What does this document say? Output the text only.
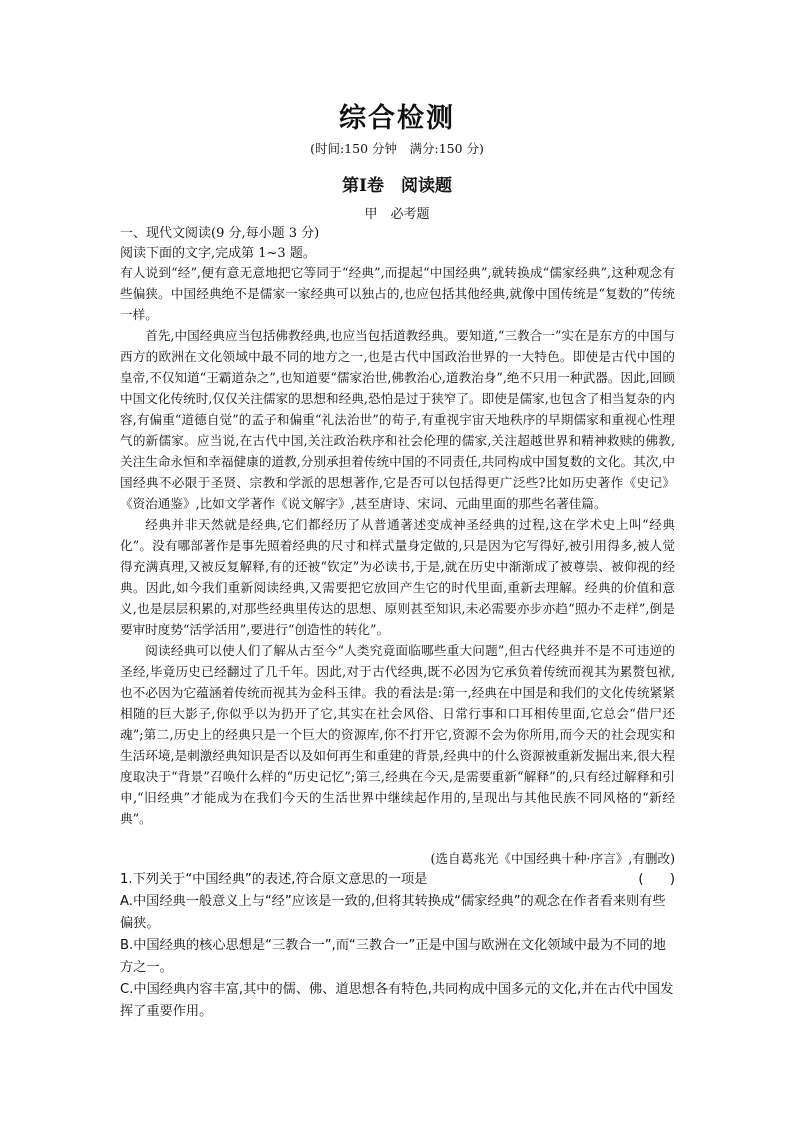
综合检测
(时间:150 分钟　满分:150 分)
第Ⅰ卷　阅读题
甲　必考题
一、现代文阅读(9 分,每小题 3 分)
阅读下面的文字,完成第 1~3 题。

有人说到“经”,便有意无意地把它等同于“经典”,而提起“中国经典”,就转换成“儒家经典”,这种观念有些偏狭。中国经典绝不是儒家一家经典可以独占的,也应包括其他经典,就像中国传统是“复数的”传统一样。

首先,中国经典应当包括佛教经典,也应当包括道教经典。要知道,“三教合一”实在是东方的中国与西方的欧洲在文化领域中最不同的地方之一,也是古代中国政治世界的一大特色。即使是古代中国的皇帝,不仅知道“王霸道杂之”,也知道要“儒家治世,佛教治心,道教治身”,绝不只用一种武器。因此,回顾中国文化传统时,仅仅关注儒家的思想和经典,恐怕是过于狭窄了。即使是儒家,也包含了相当复杂的内容,有偏重“道德自觉”的孟子和偏重“礼法治世”的荀子,有重视宇宙天地秩序的早期儒家和重视心性理气的新儒家。应当说,在古代中国,关注政治秩序和社会伦理的儒家,关注超越世界和精神救赎的佛教,关注生命永恒和幸福健康的道教,分别承担着传统中国的不同责任,共同构成中国复数的文化。其次,中国经典不必限于圣贤、宗教和学派的思想著作,它是否可以包括得更广泛些?比如历史著作《史记》《资治通鉴》,比如文学著作《说文解字》,甚至唐诗、宋词、元曲里面的那些名著佳篇。

经典并非天然就是经典,它们都经历了从普通著述变成神圣经典的过程,这在学术史上叫“经典化”。没有哪部著作是事先照着经典的尺寸和样式量身定做的,只是因为它写得好,被引用得多,被人觉得充满真理,又被反复解释,有的还被“钦定”为必读书,于是,就在历史中渐渐成了被尊崇、被仰视的经典。因此,如今我们重新阅读经典,又需要把它放回产生它的时代里面,重新去理解。经典的价值和意义,也是层层积累的,对那些经典里传达的思想、原则甚至知识,未必需要亦步亦趋“照办不走样”,倒是要审时度势“活学活用”,要进行“创造性的转化”。

阅读经典可以使人们了解从古至今“人类究竟面临哪些重大问题”,但古代经典并不是不可违逆的圣经,毕竟历史已经翻过了几千年。因此,对于古代经典,既不必因为它承负着传统而视其为累赘包袱,也不必因为它蕴涵着传统而视其为金科玉律。我的看法是:第一,经典在中国是和我们的文化传统紧紧相随的巨大影子,你似乎以为扔开了它,其实在社会风俗、日常行事和口耳相传里面,它总会“借尸还魂”;第二,历史上的经典只是一个巨大的资源库,你不打开它,资源不会为你所用,而今天的社会现实和生活环境,是刺激经典知识是否以及如何再生和重建的背景,经典中的什么资源被重新发掘出来,很大程度取决于“背景”召唤什么样的“历史记忆”;第三,经典在今天,是需要重新“解释”的,只有经过解释和引申,“旧经典”才能成为在我们今天的生活世界中继续起作用的,呈现出与其他民族不同风格的“新经典”。

(选自葛兆光《中国经典十种·序言》,有删改)

1.下列关于“中国经典”的表述,符合原文意思的一项是	(　　)

A.中国经典一般意义上与“经”应该是一致的,但将其转换成“儒家经典”的观念在作者看来则有些偏狭。

B.中国经典的核心思想是“三教合一”,而“三教合一”正是中国与欧洲在文化领域中最为不同的地方之一。

C.中国经典内容丰富,其中的儒、佛、道思想各有特色,共同构成中国多元的文化,并在古代中国发挥了重要作用。
